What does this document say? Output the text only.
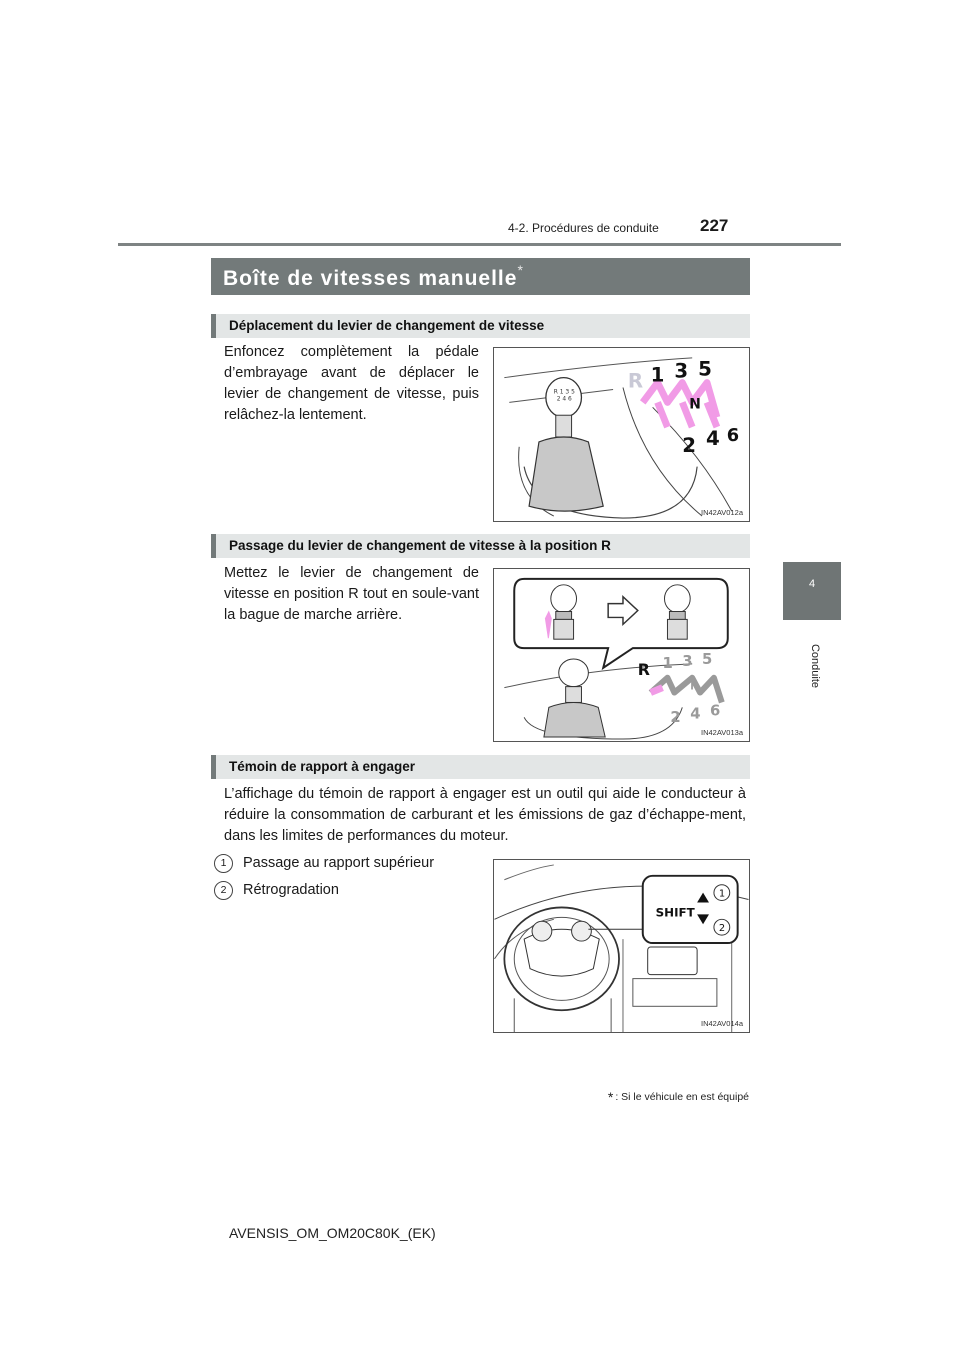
4-2. Procédures de conduite 227
4
Conduite
Boîte de vitesses manuelle*
Déplacement du levier de changement de vitesse
Enfoncez complètement la pédale d’embrayage avant de déplacer le levier de changement de vitesse, puis relâchez-la lentement.
R 1 3 5
2 4 6
R 1 3 5
N
2 4 6
IN42AV012a
Passage du levier de changement de vitesse à la position R
Mettez le levier de changement de vitesse en position R tout en soule-vant la bague de marche arrière.
R 1 3 5
N
2 4 6
IN42AV013a
Témoin de rapport à engager
L’affichage du témoin de rapport à engager est un outil qui aide le conducteur à réduire la consommation de carburant et les émissions de gaz d’échappe-ment, dans les limites de performances du moteur.
1 Passage au rapport supérieur
2 Rétrogradation
SHIFT
1
2
IN42AV014a
* : Si le véhicule en est équipé
AVENSIS_OM_OM20C80K_(EK)
